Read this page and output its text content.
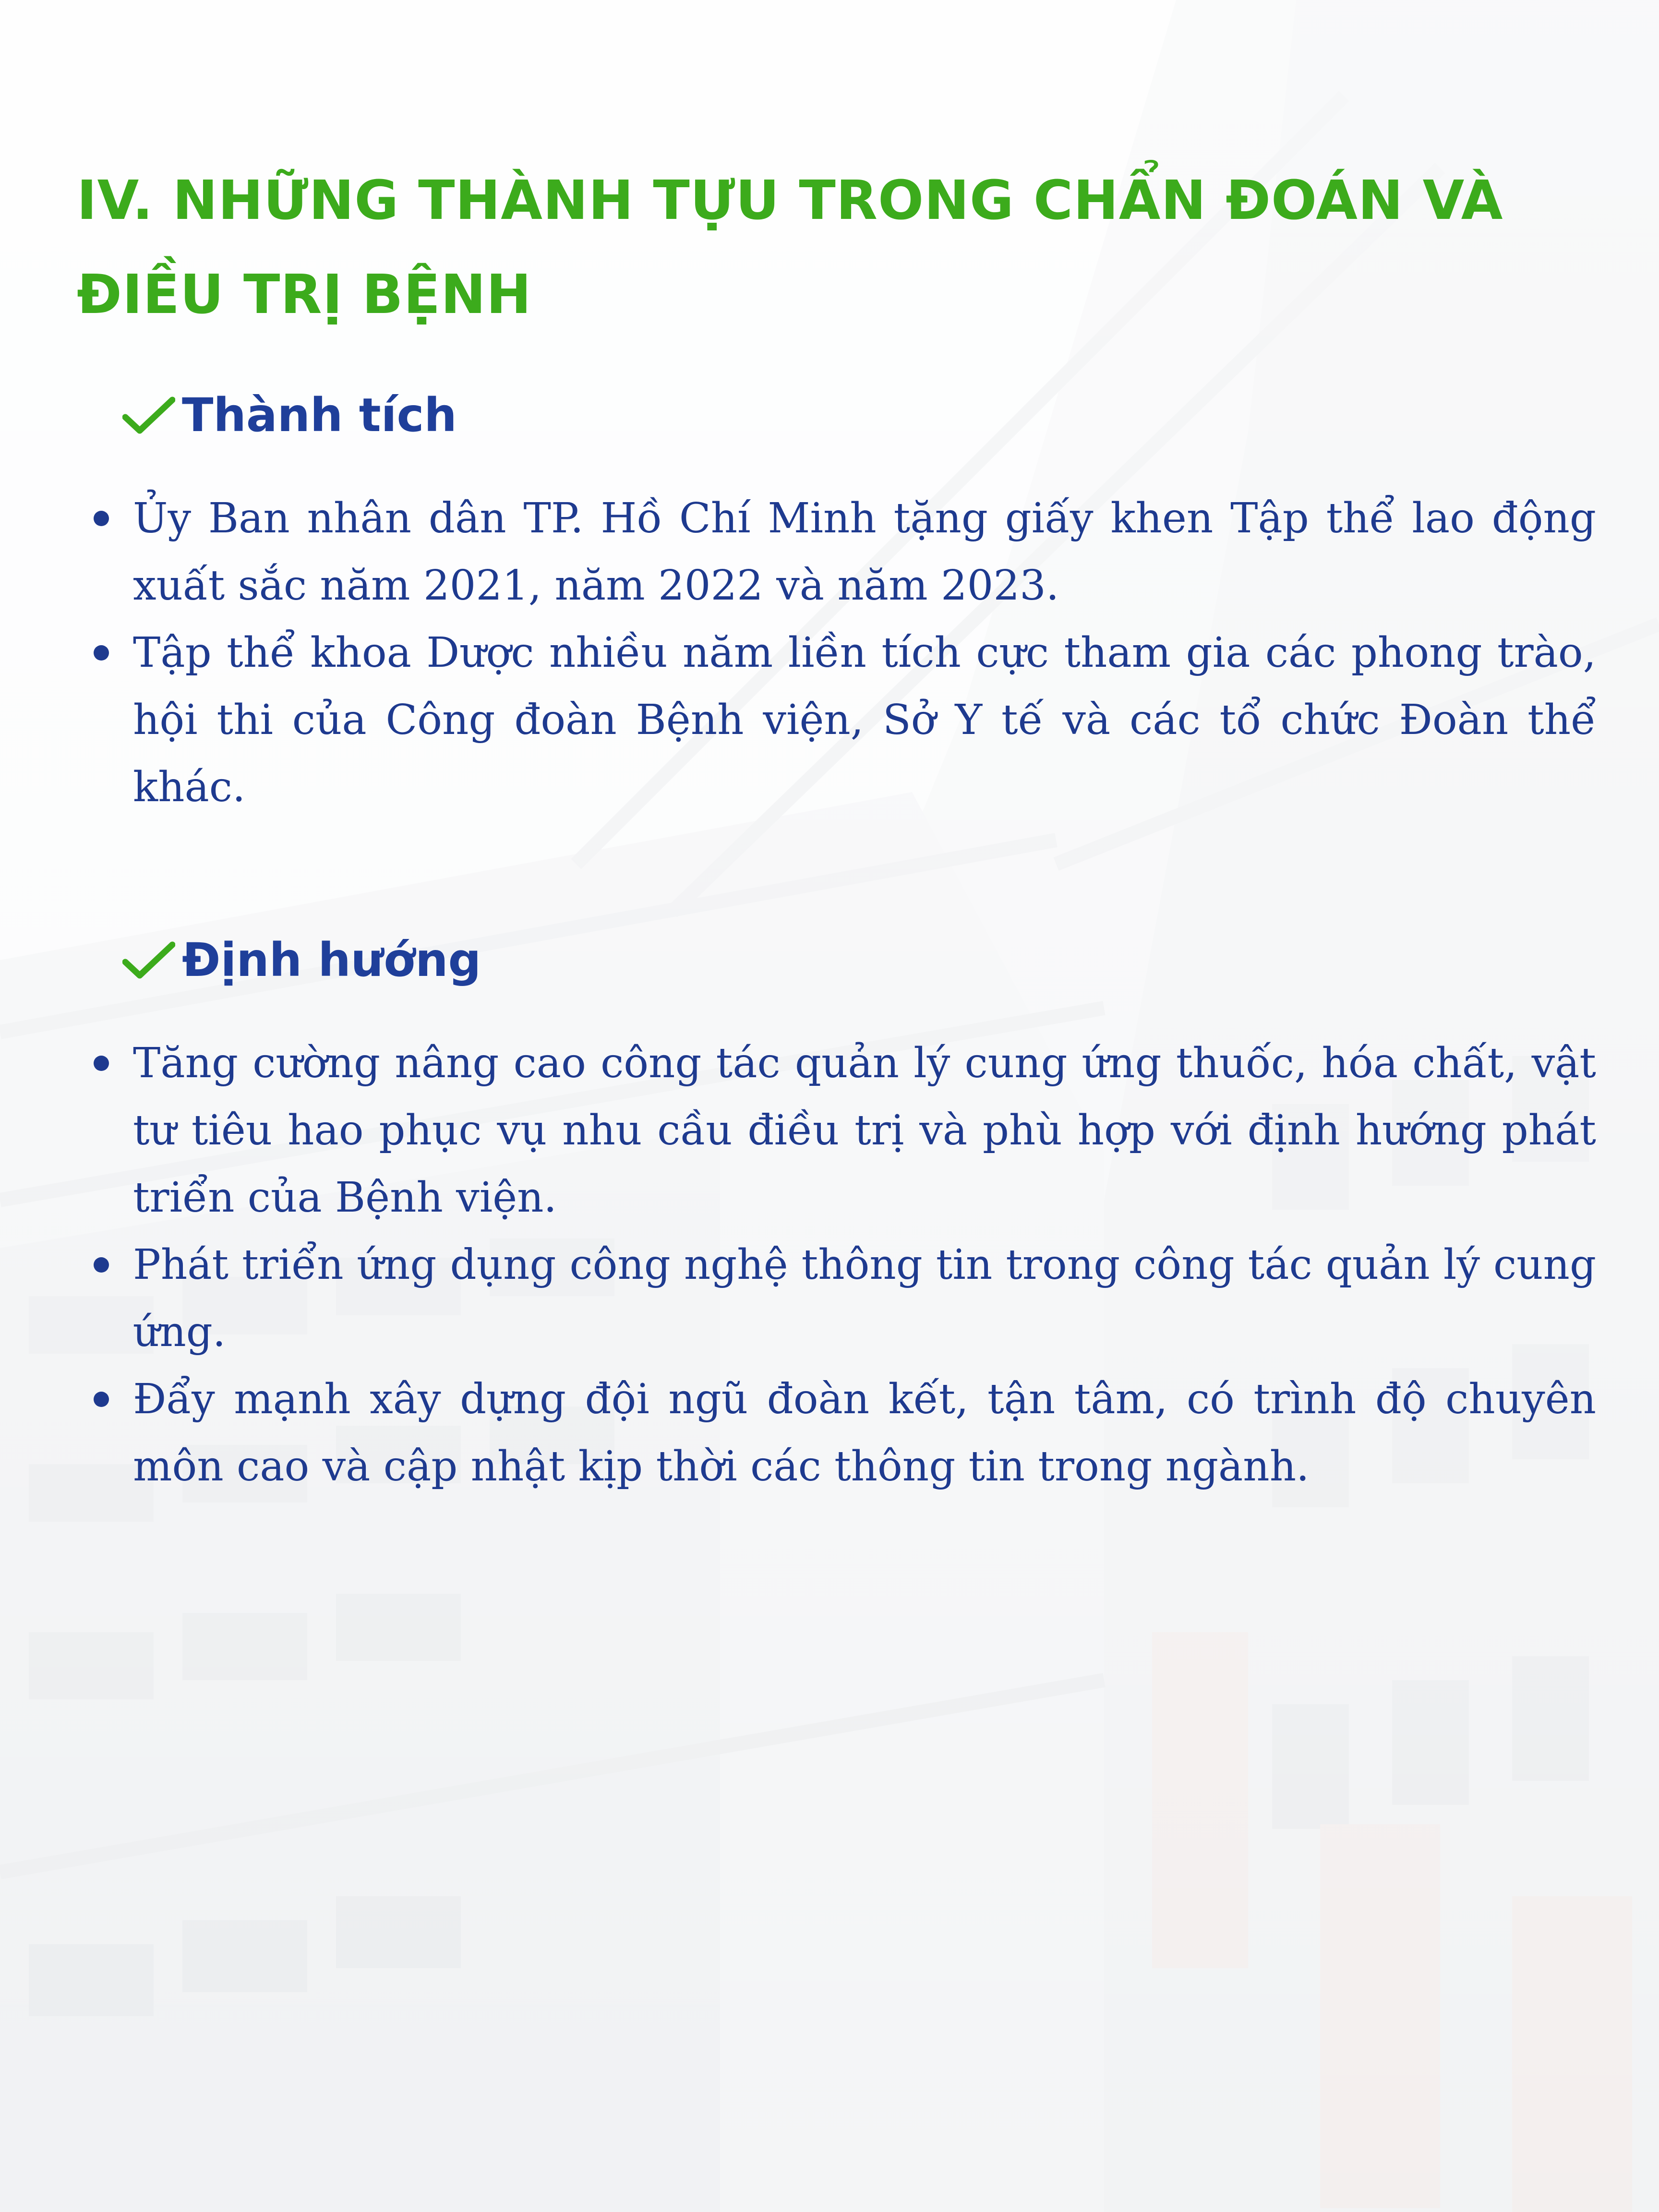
IV. NHỮNG THÀNH TỰU TRONG CHẨN ĐOÁN VÀ ĐIỀU TRỊ BỆNH
Thành tích
Ủy Ban nhân dân TP. Hồ Chí Minh tặng giấy khen Tập thể lao động xuất sắc năm 2021, năm 2022 và năm 2023.
Tập thể khoa Dược nhiều năm liền tích cực tham gia các phong trào, hội thi của Công đoàn Bệnh viện, Sở Y tế và các tổ chức Đoàn thể khác.
Định hướng
Tăng cường nâng cao công tác quản lý cung ứng thuốc, hóa chất, vật tư tiêu hao phục vụ nhu cầu điều trị và phù hợp với định hướng phát triển của Bệnh viện.
Phát triển ứng dụng công nghệ thông tin trong công tác quản lý cung ứng.
Đẩy mạnh xây dựng đội ngũ đoàn kết, tận tâm, có trình độ chuyên môn cao và cập nhật kịp thời các thông tin trong ngành.
